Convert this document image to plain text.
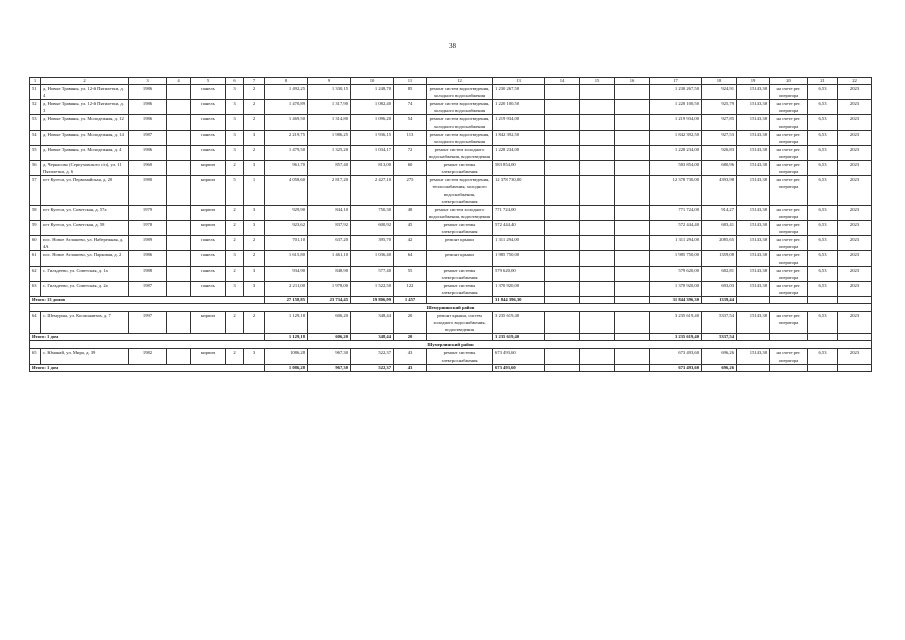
38
1	2	3	4	5	6	7	8	9	10	11	12	13	14	15	16	17	18	19	20	21	22
51	д. Новые Травяны, ул. 12-й Пятилетки, д. 4	1986		панель	3	2	1 492,25	1 330,15	1 248,70	85	ремонт систем водоотведения, холодного водоснабжения	1 230 267,50				1 230 267,50	924,91	15143,38	на счете рег. оператора	6,53	2023
52	д. Новые Травяны, ул. 12-й Пятилетки, д. 3	1986		панель	3	2	1 470,89	1 317,90	1 082,40	74	ремонт систем водоотведения, холодного водоснабжения	1 220 100,50				1 220 100,50	925,79	15143,38	на счете рег. оператора	6,53	2023
53	д. Новые Травяны, ул. Молодежная, д. 12	1986		панель	3	2	1 469,50	1 314,80	1 096,20	54	ремонт систем водоотведения, холодного водоснабжения	1 219 934,00				1 219 934,00	927,85	15143,38	на счете рег. оператора	6,53	2023
54	д. Новые Травяны, ул. Молодежная, д. 14	1987		панель	3	3	2 219,75	1 986,25	1 936,15	113	ремонт систем водоотведения, холодного водоснабжения	1 842 392,50				1 842 392,50	927,53	15143,38	на счете рег. оператора	6,53	2023
55	д. Новые Травяны, ул. Молодежная, д. 4	1986		панель	3	2	1 479,50	1 325,20	1 034,17	72	ремонт систем холодного водоснабжения, водоотведения	1 228 234,00				1 228 234,00	926,83	15143,38	на счете рег. оператора	6,53	2023
56	д. Черкасово (Серпуховского с/п), ул. 11 Пятилетки, д. 6	1960		кирпич	2	3	961,70	857,40	813,00	60	ремонт системы электроснабжения	583 854,00				583 854,00	680,96	15143,38	на счете рег. оператора	6,53	2023
57	пгт Кугеси, ул. Первомайская, д. 20	1980		кирпич	5	1	4 058,60	2 817,20	2 427,10	275	ремонт систем водоотведения, теплоснабжения, холодного водоснабжения, электроснабжения	12 378 730,00				12 378 730,00	4393,98	15143,38	на счете рег. оператора	6,53	2023
58	пгт Кугеси, ул. Советская, д. 57а	1979		кирпич	2	3	929,90	844,10	750,30	48	ремонт систем холодного водоснабжения, водоотведения	771 724,00				771 724,00	914,27	15143,38	на счете рег. оператора	6,53	2023
59	пгт Кугеси, ул. Советская, д. 58	1978		кирпич	2	3	923,62	837,92	600,92	45	ремонт системы электроснабжения	572 444,40				572 444,40	683,41	15143,38	на счете рег. оператора	6,53	2023
60	пос. Новое Атлашево, ул. Набережная, д. 4А	1989		панель	2	2	701,10	637,20	395,70	42	ремонт крыши	1 311 294,00				1 311 294,00	2085,65	15143,38	на счете рег. оператора	6,53	2023
61	пос. Новое Атлашево, ул. Парковая, д. 2	1986		панель	3	2	1 615,80	1 461,10	1 036,40	64	ремонт крыши	1 985 750,00				1 985 750,00	1359,08	15143,38	на счете рег. оператора	6,53	2023
62	с. Гильдеево, ул. Советская, д. 1а	1988		панель	2	3	934,90	848,90	577,40	55	ремонт системы электроснабжения	579 620,00				579 620,00	682,81	15143,38	на счете рег. оператора	6,53	2023
63	с. Гильдеево, ул. Советская, д. 2а	1987		панель	3	3	2 211,00	1 978,00	1 522,50	122	ремонт системы электроснабжения	1 370 920,00				1 370 920,00	693,03	15143,38	на счете рег. оператора	6,53	2023
Итого: 13 домов							27 158,85	23 734,45	19 806,99	1 457		31 844 396,30				31 844 396,30	1339,44				
Шемуршинский район																					
64	с. Шемурша, ул. Космонавтов, д. 7	1997		кирпич	2	2	1 129,18	606,20	348,44	20	ремонт крыши, систем холодного водоснабжения, водоотведения	3 235 619,40				3 235 619,40	5337,54	15143,38	на счете рег. оператора	6,53	2023
Итого: 1 дом							1 129,18	606,20	348,44	20		3 235 619,40				3 235 619,40	5337,54				
Шумерлинский район																					
65	с. Юманай, ул. Мира, д. 39	1982		кирпич	2	3	1086,28	967,30	522,37	43	ремонт системы электроснабжения	673 493,60				673 493,60	696,26	15143,38	на счете рег. оператора	6,53	2023
Итого: 1 дом							1 086,28	967,30	522,37	43		673 493,60				673 493,60	696,26				
